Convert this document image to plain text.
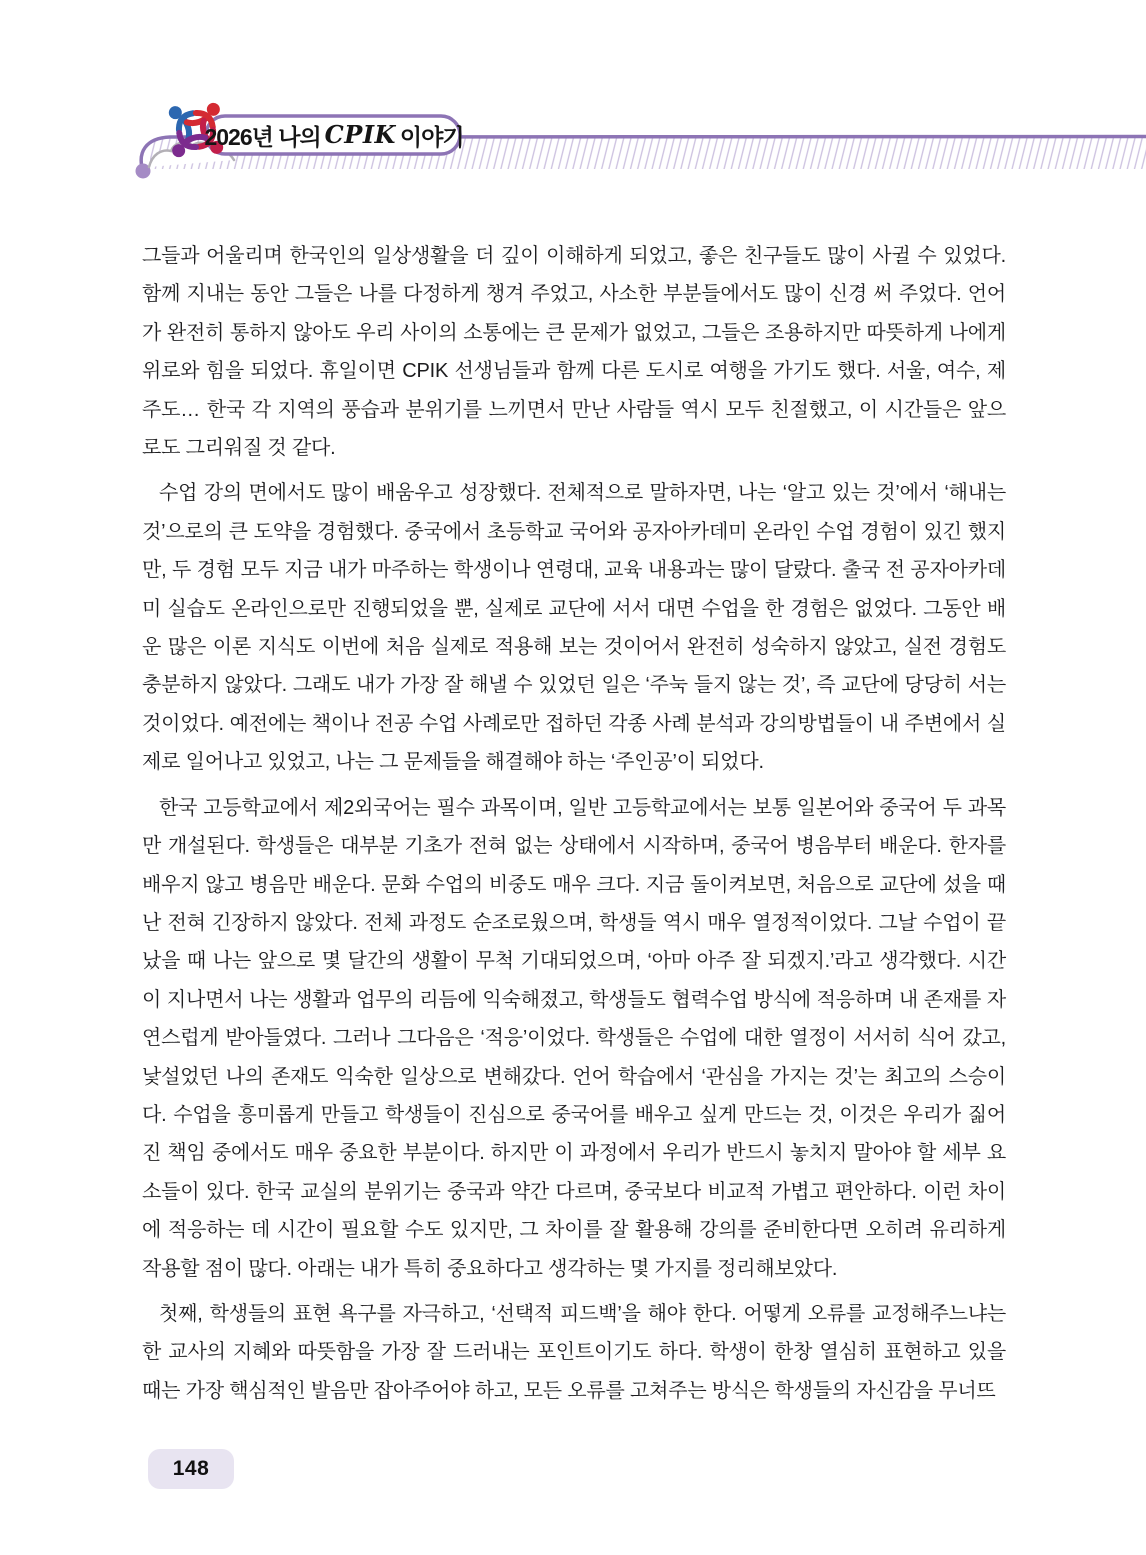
2026년 나의 CPIK 이야기

그들과 어울리며 한국인의 일상생활을 더 깊이 이해하게 되었고, 좋은 친구들도 많이 사귈 수 있었다. 함께 지내는 동안 그들은 나를 다정하게 챙겨 주었고, 사소한 부분들에서도 많이 신경 써 주었다. 언어가 완전히 통하지 않아도 우리 사이의 소통에는 큰 문제가 없었고, 그들은 조용하지만 따뜻하게 나에게 위로와 힘을 되었다. 휴일이면 CPIK 선생님들과 함께 다른 도시로 여행을 가기도 했다. 서울, 여수, 제주도… 한국 각 지역의 풍습과 분위기를 느끼면서 만난 사람들 역시 모두 친절했고, 이 시간들은 앞으로도 그리워질 것 같다.

수업 강의 면에서도 많이 배움우고 성장했다. 전체적으로 말하자면, 나는 ‘알고 있는 것’에서 ‘해내는 것’으로의 큰 도약을 경험했다. 중국에서 초등학교 국어와 공자아카데미 온라인 수업 경험이 있긴 했지만, 두 경험 모두 지금 내가 마주하는 학생이나 연령대, 교육 내용과는 많이 달랐다. 출국 전 공자아카데미 실습도 온라인으로만 진행되었을 뿐, 실제로 교단에 서서 대면 수업을 한 경험은 없었다. 그동안 배운 많은 이론 지식도 이번에 처음 실제로 적용해 보는 것이어서 완전히 성숙하지 않았고, 실전 경험도 충분하지 않았다. 그래도 내가 가장 잘 해낼 수 있었던 일은 ‘주눅 들지 않는 것’, 즉 교단에 당당히 서는 것이었다. 예전에는 책이나 전공 수업 사례로만 접하던 각종 사례 분석과 강의방법들이 내 주변에서 실제로 일어나고 있었고, 나는 그 문제들을 해결해야 하는 ‘주인공’이 되었다.

한국 고등학교에서 제2외국어는 필수 과목이며, 일반 고등학교에서는 보통 일본어와 중국어 두 과목만 개설된다. 학생들은 대부분 기초가 전혀 없는 상태에서 시작하며, 중국어 병음부터 배운다. 한자를 배우지 않고 병음만 배운다. 문화 수업의 비중도 매우 크다. 지금 돌이켜보면, 처음으로 교단에 섰을 때 난 전혀 긴장하지 않았다. 전체 과정도 순조로웠으며, 학생들 역시 매우 열정적이었다. 그날 수업이 끝났을 때 나는 앞으로 몇 달간의 생활이 무척 기대되었으며, ‘아마 아주 잘 되겠지.’라고 생각했다. 시간이 지나면서 나는 생활과 업무의 리듬에 익숙해졌고, 학생들도 협력수업 방식에 적응하며 내 존재를 자연스럽게 받아들였다. 그러나 그다음은 ‘적응’이었다. 학생들은 수업에 대한 열정이 서서히 식어 갔고, 낯설었던 나의 존재도 익숙한 일상으로 변해갔다. 언어 학습에서 ‘관심을 가지는 것’는 최고의 스승이다. 수업을 흥미롭게 만들고 학생들이 진심으로 중국어를 배우고 싶게 만드는 것, 이것은 우리가 짊어진 책임 중에서도 매우 중요한 부분이다. 하지만 이 과정에서 우리가 반드시 놓치지 말아야 할 세부 요소들이 있다. 한국 교실의 분위기는 중국과 약간 다르며, 중국보다 비교적 가볍고 편안하다. 이런 차이에 적응하는 데 시간이 필요할 수도 있지만, 그 차이를 잘 활용해 강의를 준비한다면 오히려 유리하게 작용할 점이 많다. 아래는 내가 특히 중요하다고 생각하는 몇 가지를 정리해보았다.

첫째, 학생들의 표현 욕구를 자극하고, ‘선택적 피드백’을 해야 한다. 어떻게 오류를 교정해주느냐는 한 교사의 지혜와 따뜻함을 가장 잘 드러내는 포인트이기도 하다. 학생이 한창 열심히 표현하고 있을 때는 가장 핵심적인 발음만 잡아주어야 하고, 모든 오류를 고쳐주는 방식은 학생들의 자신감을 무너뜨

148
